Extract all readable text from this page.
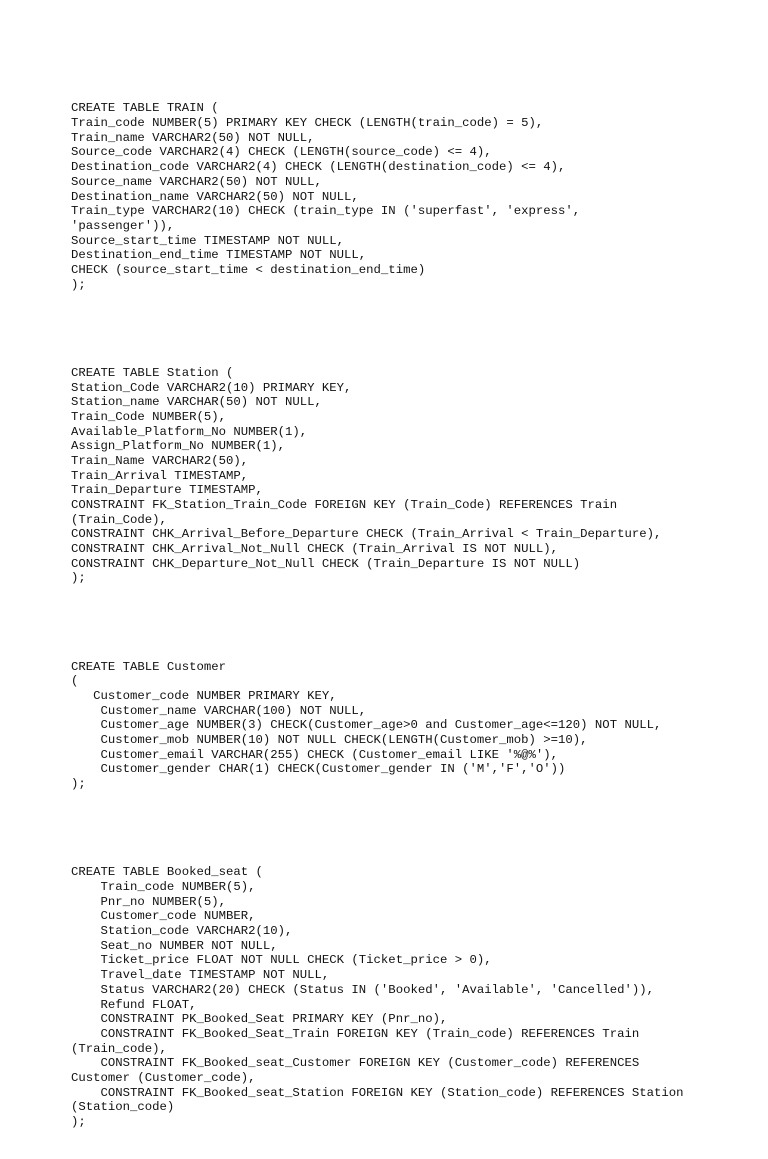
CREATE TABLE TRAIN (
Train_code NUMBER(5) PRIMARY KEY CHECK (LENGTH(train_code) = 5),
Train_name VARCHAR2(50) NOT NULL,
Source_code VARCHAR2(4) CHECK (LENGTH(source_code) <= 4),
Destination_code VARCHAR2(4) CHECK (LENGTH(destination_code) <= 4),
Source_name VARCHAR2(50) NOT NULL,
Destination_name VARCHAR2(50) NOT NULL,
Train_type VARCHAR2(10) CHECK (train_type IN ('superfast', 'express',
'passenger')),
Source_start_time TIMESTAMP NOT NULL,
Destination_end_time TIMESTAMP NOT NULL,
CHECK (source_start_time < destination_end_time)
);

CREATE TABLE Station (
Station_Code VARCHAR2(10) PRIMARY KEY,
Station_name VARCHAR(50) NOT NULL,
Train_Code NUMBER(5),
Available_Platform_No NUMBER(1),
Assign_Platform_No NUMBER(1),
Train_Name VARCHAR2(50),
Train_Arrival TIMESTAMP,
Train_Departure TIMESTAMP,
CONSTRAINT FK_Station_Train_Code FOREIGN KEY (Train_Code) REFERENCES Train
(Train_Code),
CONSTRAINT CHK_Arrival_Before_Departure CHECK (Train_Arrival < Train_Departure),
CONSTRAINT CHK_Arrival_Not_Null CHECK (Train_Arrival IS NOT NULL),
CONSTRAINT CHK_Departure_Not_Null CHECK (Train_Departure IS NOT NULL)
);

CREATE TABLE Customer
(
Customer_code NUMBER PRIMARY KEY,
Customer_name VARCHAR(100) NOT NULL,
Customer_age NUMBER(3) CHECK(Customer_age>0 and Customer_age<=120) NOT NULL,
Customer_mob NUMBER(10) NOT NULL CHECK(LENGTH(Customer_mob) >=10),
Customer_email VARCHAR(255) CHECK (Customer_email LIKE '%@%'),
Customer_gender CHAR(1) CHECK(Customer_gender IN ('M','F','O'))
);

CREATE TABLE Booked_seat (
Train_code NUMBER(5),
Pnr_no NUMBER(5),
Customer_code NUMBER,
Station_code VARCHAR2(10),
Seat_no NUMBER NOT NULL,
Ticket_price FLOAT NOT NULL CHECK (Ticket_price > 0),
Travel_date TIMESTAMP NOT NULL,
Status VARCHAR2(20) CHECK (Status IN ('Booked', 'Available', 'Cancelled')),
Refund FLOAT,
CONSTRAINT PK_Booked_Seat PRIMARY KEY (Pnr_no),
CONSTRAINT FK_Booked_Seat_Train FOREIGN KEY (Train_code) REFERENCES Train
(Train_code),
CONSTRAINT FK_Booked_seat_Customer FOREIGN KEY (Customer_code) REFERENCES
Customer (Customer_code),
CONSTRAINT FK_Booked_seat_Station FOREIGN KEY (Station_code) REFERENCES Station
(Station_code)
);
